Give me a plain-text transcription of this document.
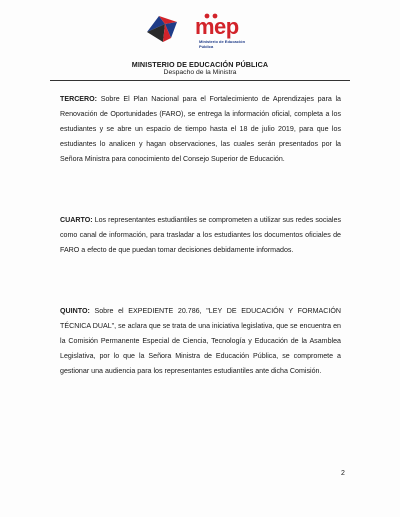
mep
Ministerio de Educación Pública
MINISTERIO DE EDUCACIÓN PÚBLICA
Despacho de la Ministra
TERCERO: Sobre El Plan Nacional para el Fortalecimiento de Aprendizajes para la Renovación de Oportunidades (FARO), se entrega la información oficial, completa a los estudiantes y se abre un espacio de tiempo hasta el 18 de julio 2019, para que los estudiantes lo analicen y hagan observaciones, las cuales serán presentados por la Señora Ministra para conocimiento del Consejo Superior de Educación.
CUARTO: Los representantes estudiantiles se comprometen a utilizar sus redes sociales como canal de información, para trasladar a los estudiantes los documentos oficiales de FARO a efecto de que puedan tomar decisiones debidamente informados.
QUINTO: Sobre el EXPEDIENTE 20.786, "LEY DE EDUCACIÓN Y FORMACIÓN TÉCNICA DUAL", se aclara que se trata de una iniciativa legislativa, que se encuentra en la Comisión Permanente Especial de Ciencia, Tecnología y Educación de la Asamblea Legislativa, por lo que la Señora Ministra de Educación Pública, se compromete a gestionar una audiencia para los representantes estudiantiles ante dicha Comisión.
2
